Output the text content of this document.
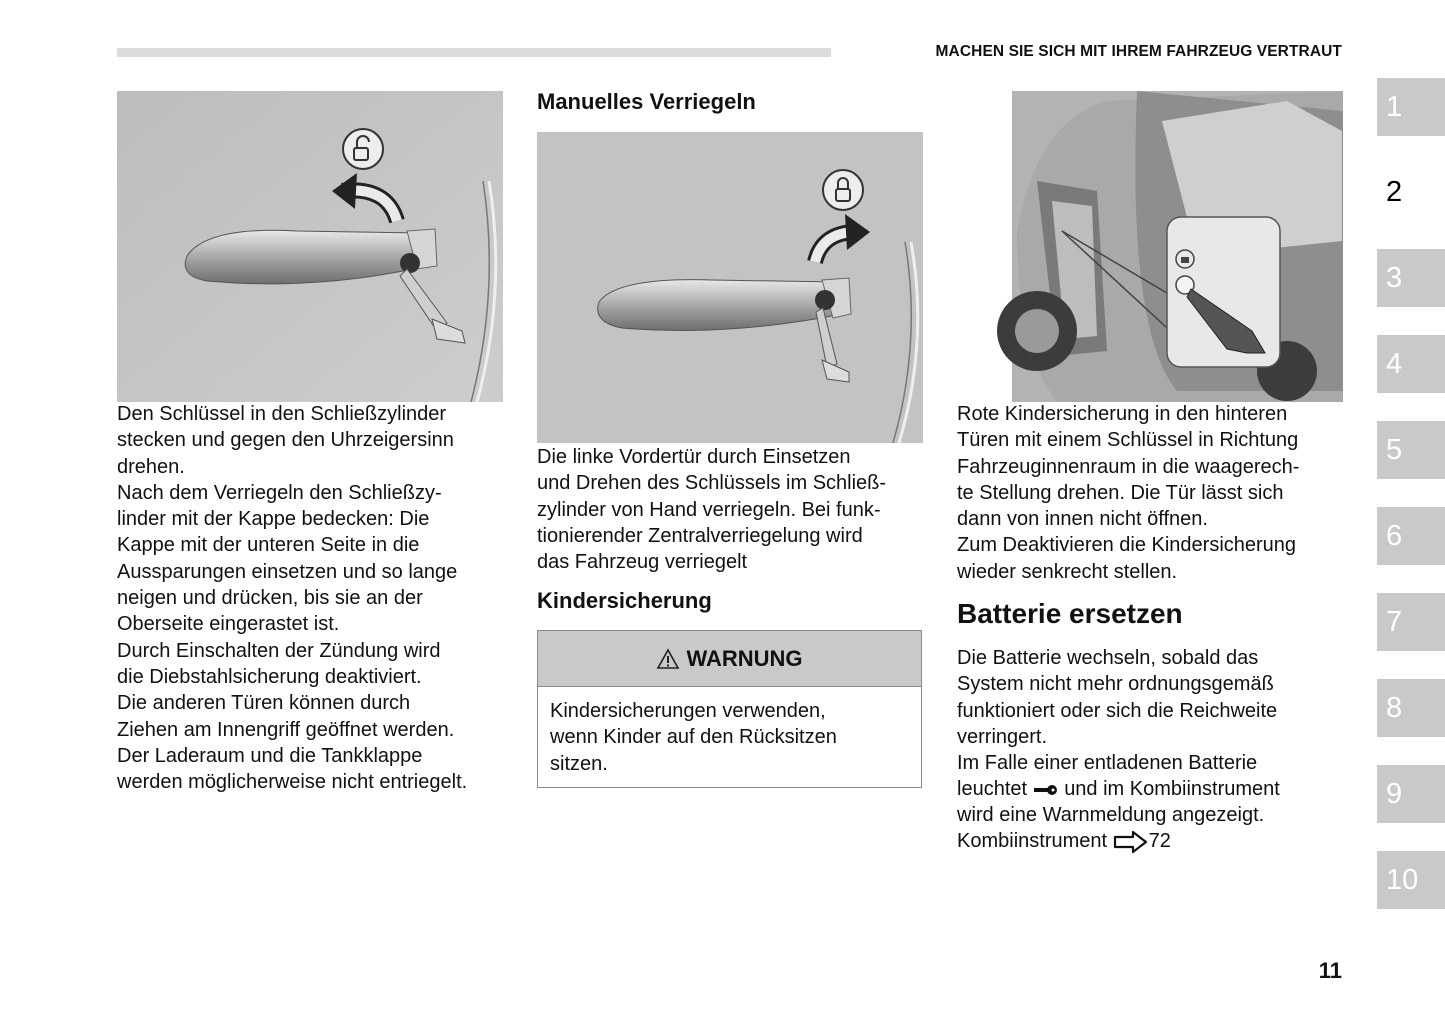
MACHEN SIE SICH MIT IHREM FAHRZEUG VERTRAUT
1
2
3
4
5
6
7
8
9
10
Den Schlüssel in den Schließzylinder
stecken und gegen den Uhrzeigersinn
drehen.
Nach dem Verriegeln den Schließzy-
linder mit der Kappe bedecken: Die
Kappe mit der unteren Seite in die
Aussparungen einsetzen und so lange
neigen und drücken, bis sie an der
Oberseite eingerastet ist.
Durch Einschalten der Zündung wird
die Diebstahlsicherung deaktiviert.
Die anderen Türen können durch
Ziehen am Innengriff geöffnet werden.
Der Laderaum und die Tankklappe
werden möglicherweise nicht entriegelt.
Manuelles Verriegeln
Die linke Vordertür durch Einsetzen
und Drehen des Schlüssels im Schließ-
zylinder von Hand verriegeln. Bei funk-
tionierender Zentralverriegelung wird
das Fahrzeug verriegelt
Kindersicherung
WARNUNG
Kindersicherungen verwenden,
wenn Kinder auf den Rücksitzen
sitzen.
Rote Kindersicherung in den hinteren
Türen mit einem Schlüssel in Richtung
Fahrzeuginnenraum in die waagerech-
te Stellung drehen. Die Tür lässt sich
dann von innen nicht öffnen.
Zum Deaktivieren die Kindersicherung
wieder senkrecht stellen.
Batterie ersetzen
Die Batterie wechseln, sobald das
System nicht mehr ordnungsgemäß
funktioniert oder sich die Reichweite
verringert.
Im Falle einer entladenen Batterie
leuchtet und im Kombiinstrument
wird eine Warnmeldung angezeigt.
Kombiinstrument 72
11
